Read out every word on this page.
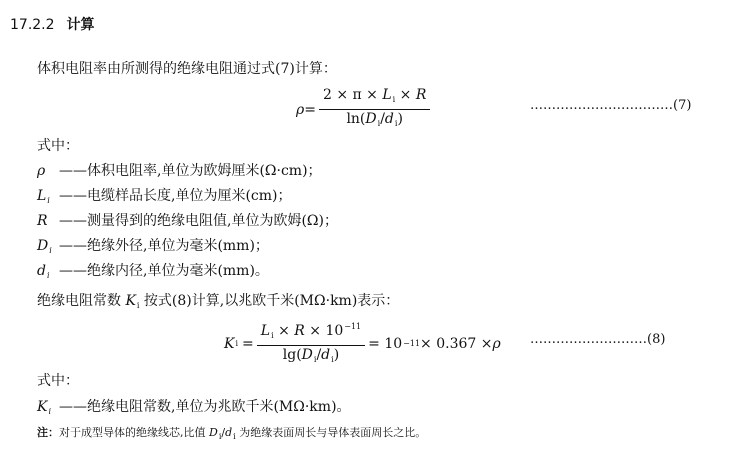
17.2.2 计算
体积电阻率由所测得的绝缘电阻通过式(7)计算：
$\rho = \frac{2 \times \pi \times L_i \times R}{\ln(D_i/d_i)}$	……………………………(7)
式中：
ρ ——体积电阻率,单位为欧姆厘米(Ω·cm)；
$L_i$ ——电缆样品长度,单位为厘米(cm)；
R ——测量得到的绝缘电阻值,单位为欧姆(Ω)；
$D_i$ ——绝缘外径,单位为毫米(mm)；
$d_i$ ——绝缘内径,单位为毫米(mm)。
绝缘电阻常数 $K_i$ 按式(8)计算,以兆欧千米(MΩ·km)表示：
K $i = \frac{L_i \times R \times 10^{-11}}{\lg(D_i/d_i)} = 10 -11 \times 0.367 \times \rho$ ………………………(8)
式中：
$K_i$ ——绝缘电阻常数,单位为兆欧千米(MΩ·km)。
注：对于成型导体的绝缘线芯,比值 $D_i/d_i$ 为绝缘表面周长与导体表面周长之比。
